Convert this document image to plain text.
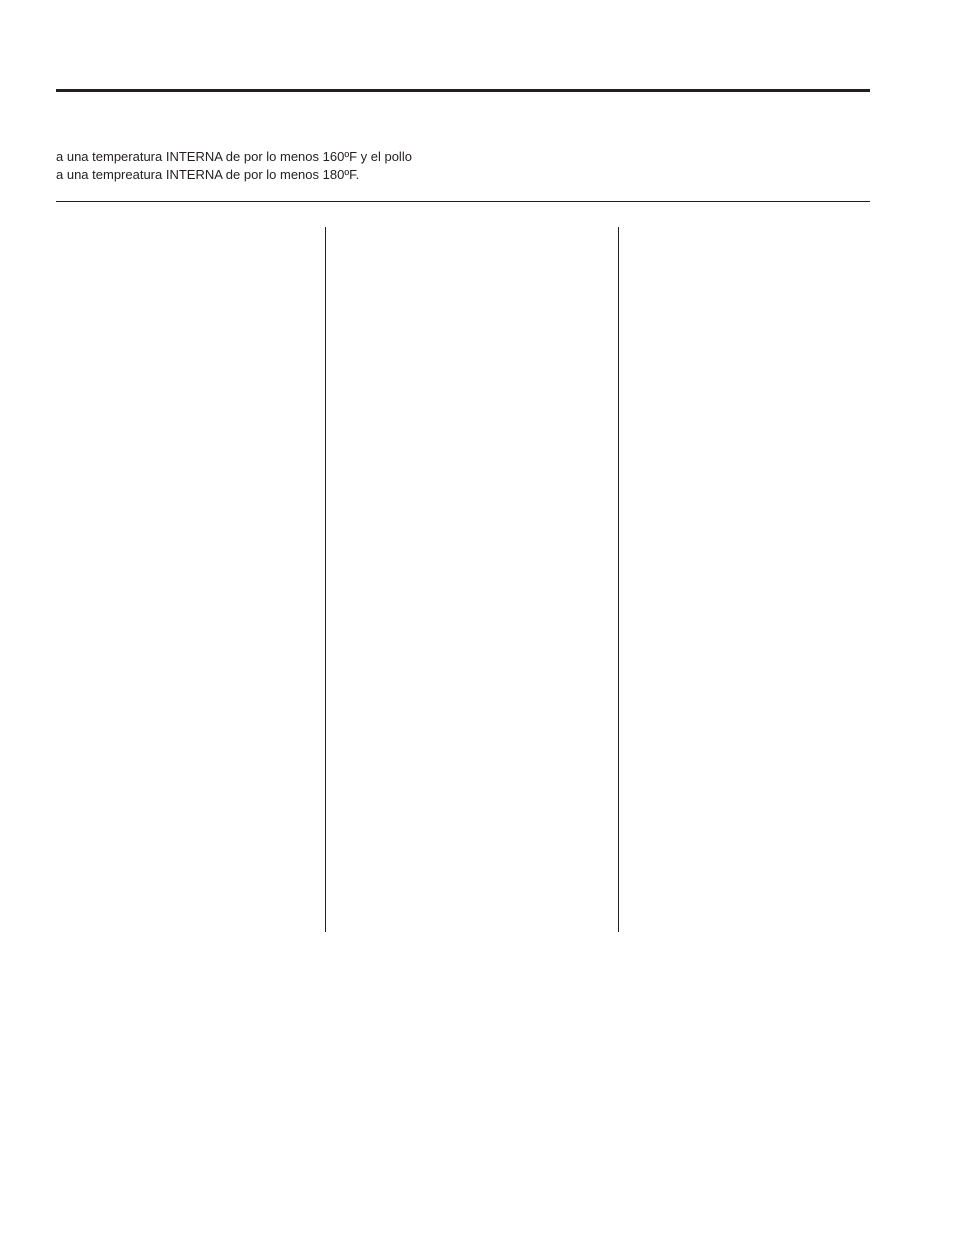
a una temperatura INTERNA de por lo menos 160ºF y el pollo
a una tempreatura INTERNA de por lo menos 180ºF.
